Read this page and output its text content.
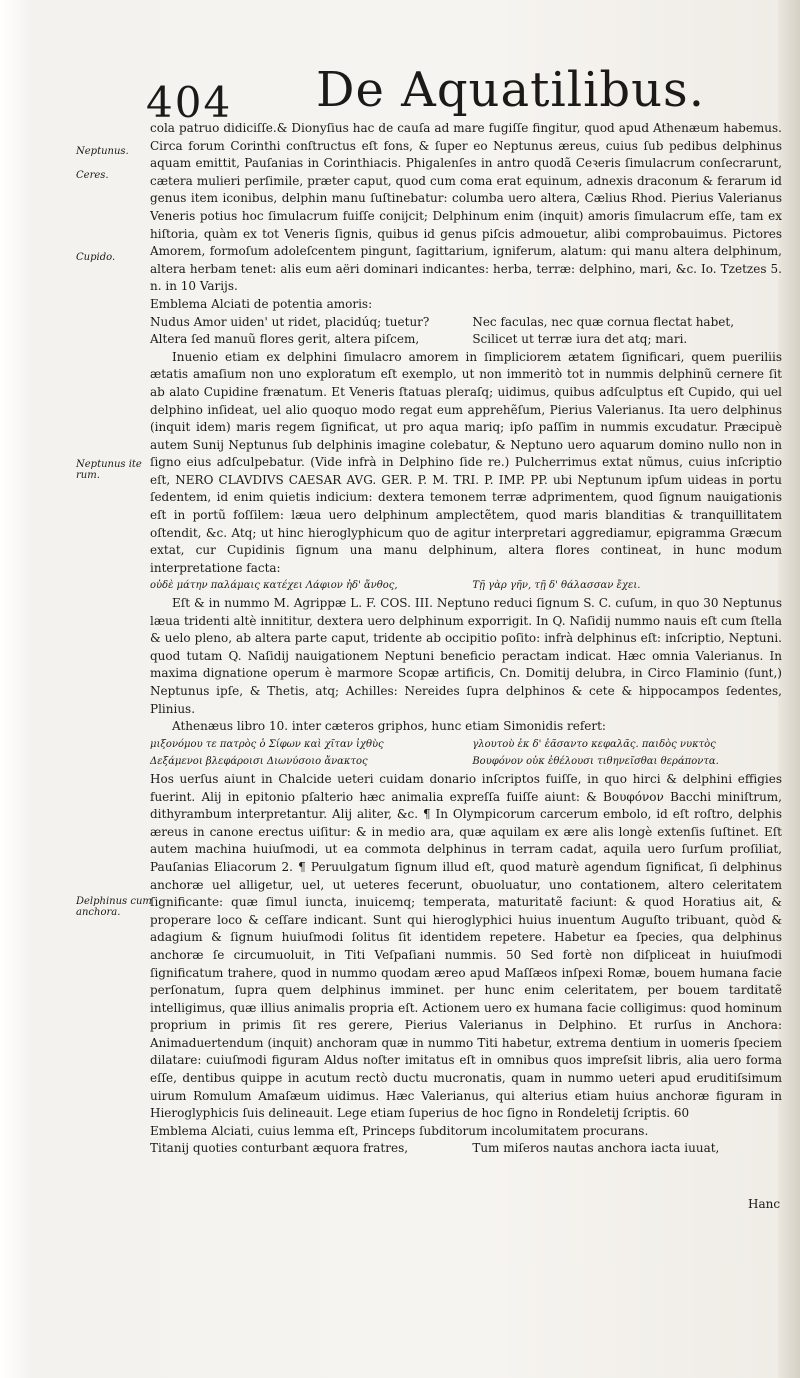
404 De Aquatilibus.
Neptunus.
Ceres.
Cupido.
Neptunus ite rum.
Delphinus cum anchora.

cola patruo didiciſſe.& Dionyſius hac de cauſa ad mare fugiſſe fingitur, quod apud Athenæum habemus. Circa forum Corinthi conſtructus eſt fons, & ſuper eo Neptunus æreus, cuius ſub pedibus delphinus aquam emittit, Pauſanias in Corinthiacis. Phigalenſes in antro quodã Ceꝛeris ſimulacrum conſecrarunt, cætera mulieri perſimile, præter caput, quod cum coma erat equinum, adnexis draconum & ferarum id genus item iconibus, delphin manu ſuſtinebatur: columba uero altera, Cælius Rhod. Pierius Valerianus Veneris potius hoc ſimulacrum fuiſſe conijcit; Delphinum enim (inquit) amoris ſimulacrum eſſe, tam ex hiſtoria, quàm ex tot Veneris ſignis, quibus id genus piſcis admouetur, alibi comprobauimus. Pictores Amorem, formoſum adoleſcentem pingunt, ſagittarium, igniferum, alatum: qui manu altera delphinum, altera herbam tenet: alis eum aëri dominari indicantes: herba, terræ: delphino, mari, &c. Io. Tzetzes 5. n. in 10 Varijs.

Emblema Alciati de potentia amoris:

Nudus Amor uiden' ut ridet, placidúq; tuetur?	Nec faculas, nec quæ cornua flectat habet,

Altera ſed manuũ flores gerit, altera piſcem,	Scilicet ut terræ iura det atq; mari.

Inuenio etiam ex delphini ſimulacro amorem in ſimpliciorem ætatem ſignificari, quem pueriliis ætatis amaſium non uno exploratum eſt exemplo, ut non immeritò tot in nummis delphinũ cernere ſit ab alato Cupidine frænatum. Et Veneris ſtatuas pleraſq; uidimus, quibus adſculptus eſt Cupido, qui uel delphino inſideat, uel alio quoquo modo regat eum apprehẽſum, Pierius Valerianus. Ita uero delphinus (inquit idem) maris regem ſignificat, ut pro aqua mariq; ipſo paſſim in nummis excudatur. Præcipuè autem Sunij Neptunus ſub delphinis imagine colebatur, & Neptuno uero aquarum domino nullo non in ſigno eius adſculpebatur. (Vide infrà in Delphino ſide re.) Pulcherrimus extat nũmus, cuius inſcriptio eſt, NERO CLAVDIVS CAESAR AVG. GER. P. M. TRI. P. IMP. PP. ubi Neptunum ipſum uideas in portu ſedentem, id enim quietis indicium: dextera temonem terræ adprimentem, quod ſignum nauigationis eſt in portũ foſſilem: læua uero delphinum amplectẽtem, quod maris blanditias & tranquillitatem oſtendit, &c. Atq; ut hinc hieroglyphicum quo de agitur interpretari aggrediamur, epigramma Græcum extat, cur Cupidinis ſignum una manu delphinum, altera flores contineat, in hunc modum interpretatione facta:

οὐδὲ μάτην παλάμαις κατέχει Λάφιον ἠδ' ἄνθος,	Τῇ γὰρ γῆν, τῇ δ' θάλασσαν ἔχει.

Eſt & in nummo M. Agrippæ L. F. COS. III. Neptuno reduci ſignum S. C. cuſum, in quo 30 Neptunus læua tridenti altè innititur, dextera uero delphinum exporrigit. In Q. Naſidij nummo nauis eſt cum ſtella & uelo pleno, ab altera parte caput, tridente ab occipitio poſito: infrà delphinus eſt: inſcriptio, Neptuni. quod tutam Q. Naſidij nauigationem Neptuni beneficio peractam indicat. Hæc omnia Valerianus. In maxima dignatione operum è marmore Scopæ artificis, Cn. Domitij delubra, in Circo Flaminio (ſunt,) Neptunus ipſe, & Thetis, atq; Achilles: Nereides ſupra delphinos & cete & hippocampos ſedentes, Plinius.

Athenæus libro 10. inter cæteros griphos, hunc etiam Simonidis refert:

μιξονόμου τε πατρὸς ὁ Σίφων καὶ χῖταν ἰχθὺς	γλουτοὺ ἐκ δ' ἐᾶσαντο κεφαλᾶς. παιδὸς νυκτὸς

Δεξάμενοι βλεφάροισι Διωνύσοιο ἄνακτος	Βουφόνον οὐκ ἐθέλουσι τιθηνεῖσθαι θεράποντα.

Hos uerſus aiunt in Chalcide ueteri cuidam donario inſcriptos fuiſſe, in quo hirci & delphini effigies fuerint. Alij in epitonio pſalterio hæc animalia expreſſa fuiſſe aiunt: & Βουφόνον Bacchi miniſtrum, dithyrambum interpretantur. Alij aliter, &c. ¶ In Olympicorum carcerum embolo, id eſt roſtro, delphis æreus in canone erectus uiſitur: & in medio ara, quæ aquilam ex ære alis longè extenſis ſuſtinet. Eſt autem machina huiuſmodi, ut ea commota delphinus in terram cadat, aquila uero ſurſum proſiliat, Pauſanias Eliacorum 2. ¶ Peruulgatum ſignum illud eſt, quod maturè agendum ſignificat, ſi delphinus anchoræ uel alligetur, uel, ut ueteres fecerunt, obuoluatur, uno contationem, altero celeritatem ſignificante: quæ ſimul iuncta, inuicemq; temperata, maturitatẽ faciunt: & quod Horatius ait, & properare loco & ceſſare indicant. Sunt qui hieroglyphici huius inuentum Auguſto tribuant, quòd & adagium & ſignum huiuſmodi ſolitus ſit identidem repetere. Habetur ea ſpecies, qua delphinus anchoræ ſe circumuoluit, in Titi Veſpaſiani nummis. 50 Sed fortè non diſpliceat in huiuſmodi ſignificatum trahere, quod in nummo quodam æreo apud Maſſæos inſpexi Romæ, bouem humana facie perſonatum, ſupra quem delphinus imminet. per hunc enim celeritatem, per bouem tarditatẽ intelligimus, quæ illius animalis propria eſt. Actionem uero ex humana facie colligimus: quod hominum proprium in primis ſit res gerere, Pierius Valerianus in Delphino. Et rurſus in Anchora: Animaduertendum (inquit) anchoram quæ in nummo Titi habetur, extrema dentium in uomeris ſpeciem dilatare: cuiuſmodi figuram Aldus noſter imitatus eſt in omnibus quos impreſsit libris, alia uero forma eſſe, dentibus quippe in acutum rectò ductu mucronatis, quam in nummo ueteri apud eruditiſsimum uirum Romulum Amaſæum uidimus. Hæc Valerianus, qui alterius etiam huius anchoræ figuram in Hieroglyphicis ſuis delineauit. Lege etiam ſuperius de hoc ſigno in Rondeletij ſcriptis. 60

Emblema Alciati, cuius lemma eſt, Princeps ſubditorum incolumitatem procurans.

Titanij quoties conturbant æquora fratres,	Tum miſeros nautas anchora iacta iuuat,

Hanc
